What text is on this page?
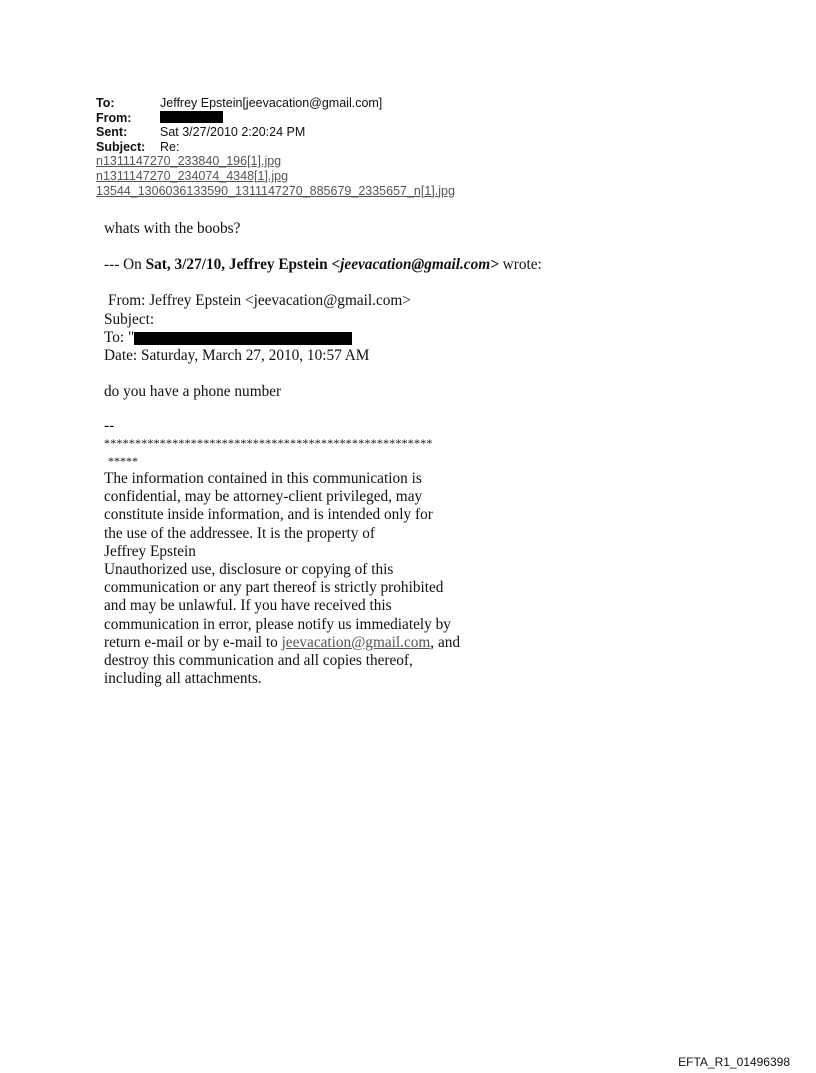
To:	Jeffrey Epstein[jeevacation@gmail.com]
From:
Sent:	Sat 3/27/2010 2:20:24 PM
Subject:	Re:
n1311147270_233840_196[1].jpg
n1311147270_234074_4348[1].jpg
13544_1306036133590_1311147270_885679_2335657_n[1].jpg
whats with the boobs?
--- On Sat, 3/27/10, Jeffrey Epstein <jeevacation@gmail.com> wrote:
From: Jeffrey Epstein <jeevacation@gmail.com>
Subject:
To: "
Date: Saturday, March 27, 2010, 10:57 AM
do you have a phone number
--
*****************************************************
*****
The information contained in this communication is
confidential, may be attorney-client privileged, may
constitute inside information, and is intended only for
the use of the addressee. It is the property of
Jeffrey Epstein
Unauthorized use, disclosure or copying of this
communication or any part thereof is strictly prohibited
and may be unlawful. If you have received this
communication in error, please notify us immediately by
return e-mail or by e-mail to jeevacation@gmail.com, and
destroy this communication and all copies thereof,
including all attachments.
EFTA_R1_01496398
